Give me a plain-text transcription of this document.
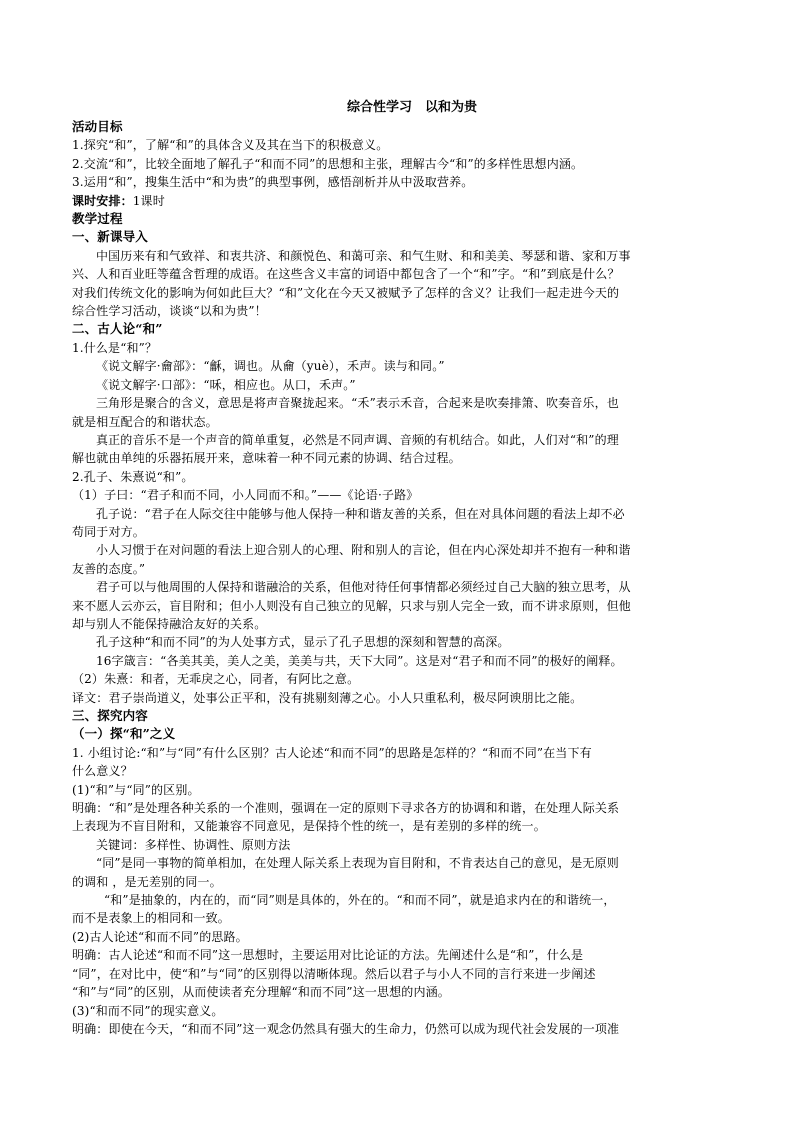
综合性学习　以和为贵
活动目标
1.探究“和”，了解“和”的具体含义及其在当下的积极意义。
2.交流“和”，比较全面地了解孔子“和而不同”的思想和主张，理解古今“和”的多样性思想内涵。
3.运用“和”，搜集生活中“和为贵”的典型事例，感悟剖析并从中汲取营养。
课时安排：1课时
教学过程
一、新课导入
中国历来有和气致祥、和衷共济、和颜悦色、和蔼可亲、和气生财、和和美美、琴瑟和谐、家和万事
兴、人和百业旺等蕴含哲理的成语。在这些含义丰富的词语中都包含了一个“和”字。“和”到底是什么？
对我们传统文化的影响为何如此巨大？“和”文化在今天又被赋予了怎样的含义？让我们一起走进今天的
综合性学习活动，谈谈“以和为贵”！
二、古人论“和”
1.什么是“和”？
《说文解字·龠部》：“龢，调也。从龠（yuè），禾声。读与和同。”
《说文解字·口部》：“咊，相应也。从口，禾声。”
三角形是聚合的含义，意思是将声音聚拢起来。“禾”表示禾音，合起来是吹奏排箫、吹奏音乐，也
就是相互配合的和谐状态。
真正的音乐不是一个声音的简单重复，必然是不同声调、音频的有机结合。如此，人们对“和”的理
解也就由单纯的乐器拓展开来，意味着一种不同元素的协调、结合过程。
2.孔子、朱熹说“和”。
（1）子曰：“君子和而不同，小人同而不和。”——《论语·子路》
孔子说：“君子在人际交往中能够与他人保持一种和谐友善的关系，但在对具体问题的看法上却不必
苟同于对方。
小人习惯于在对问题的看法上迎合别人的心理、附和别人的言论，但在内心深处却并不抱有一种和谐
友善的态度。”
君子可以与他周围的人保持和谐融洽的关系，但他对待任何事情都必须经过自己大脑的独立思考，从
来不愿人云亦云，盲目附和；但小人则没有自己独立的见解，只求与别人完全一致，而不讲求原则，但他
却与别人不能保持融洽友好的关系。
孔子这种“和而不同”的为人处事方式，显示了孔子思想的深刻和智慧的高深。
16字箴言：“各美其美，美人之美，美美与共，天下大同”。这是对“君子和而不同”的极好的阐释。
（2）朱熹：和者，无乖戾之心，同者，有阿比之意。
译文：君子崇尚道义，处事公正平和，没有挑剔刻薄之心。小人只重私利，极尽阿谀朋比之能。
三、探究内容
（一）探“和”之义
1. 小组讨论:“和”与“同”有什么区别？古人论述“和而不同”的思路是怎样的？“和而不同”在当下有
什么意义？
(1)“和”与“同”的区别。
明确：“和”是处理各种关系的一个准则，强调在一定的原则下寻求各方的协调和和谐，在处理人际关系
上表现为不盲目附和，又能兼容不同意见，是保持个性的统一，是有差别的多样的统一。
关键词：多样性、协调性、原则方法
“同”是同一事物的简单相加，在处理人际关系上表现为盲目附和，不肯表达自己的意见，是无原则
的调和 ，是无差别的同一。
“和”是抽象的，内在的，而“同”则是具体的，外在的。“和而不同”，就是追求内在的和谐统一，
而不是表象上的相同和一致。
(2)古人论述“和而不同”的思路。
明确：古人论述“和而不同”这一思想时，主要运用对比论证的方法。先阐述什么是“和”，什么是
“同”，在对比中，使“和”与“同”的区别得以清晰体现。然后以君子与小人不同的言行来进一步阐述
“和”与“同”的区别，从而使读者充分理解“和而不同”这一思想的内涵。
(3)“和而不同”的现实意义。
明确：即使在今天，“和而不同”这一观念仍然具有强大的生命力，仍然可以成为现代社会发展的一项准
